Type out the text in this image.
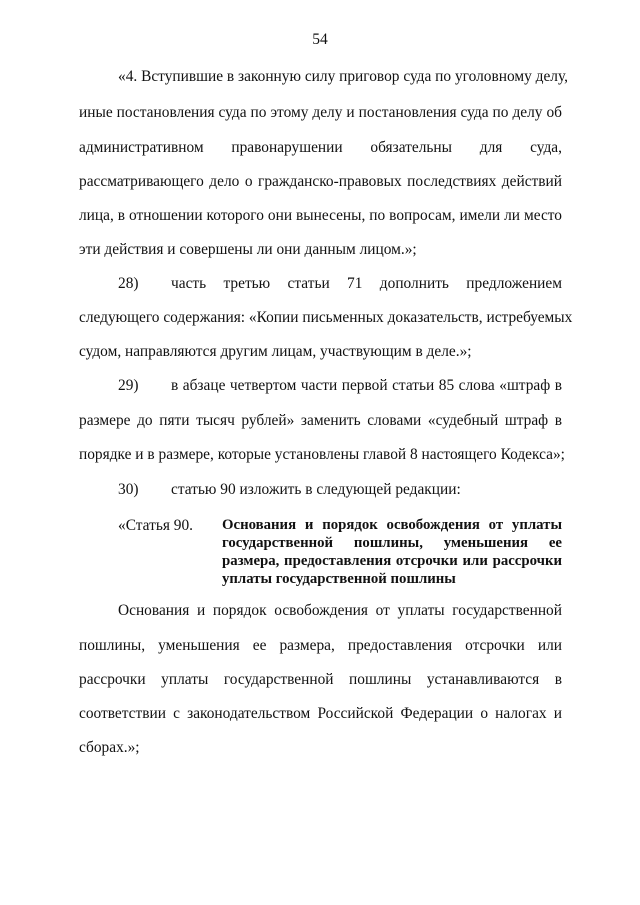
54
«4. Вступившие в законную силу приговор суда по уголовному делу,
иные постановления суда по этому делу и постановления суда по делу об
административном правонарушении обязательны для суда,
рассматривающего дело о гражданско-правовых последствиях действий
лица, в отношении которого они вынесены, по вопросам, имели ли место
эти действия и совершены ли они данным лицом.»;
28) часть третью статьи 71 дополнить предложением
следующего содержания: «Копии письменных доказательств, истребуемых
судом, направляются другим лицам, участвующим в деле.»;
29) в абзаце четвертом части первой статьи 85 слова «штраф в
размере до пяти тысяч рублей» заменить словами «судебный штраф в
порядке и в размере, которые установлены главой 8 настоящего Кодекса»;
30) статью 90 изложить в следующей редакции:
«Статья 90. Основания и порядок освобождения от уплаты
государственной пошлины, уменьшения ее
размера, предоставления отсрочки или рассрочки
уплаты государственной пошлины
Основания и порядок освобождения от уплаты государственной
пошлины, уменьшения ее размера, предоставления отсрочки или
рассрочки уплаты государственной пошлины устанавливаются в
соответствии с законодательством Российской Федерации о налогах и
сборах.»;
